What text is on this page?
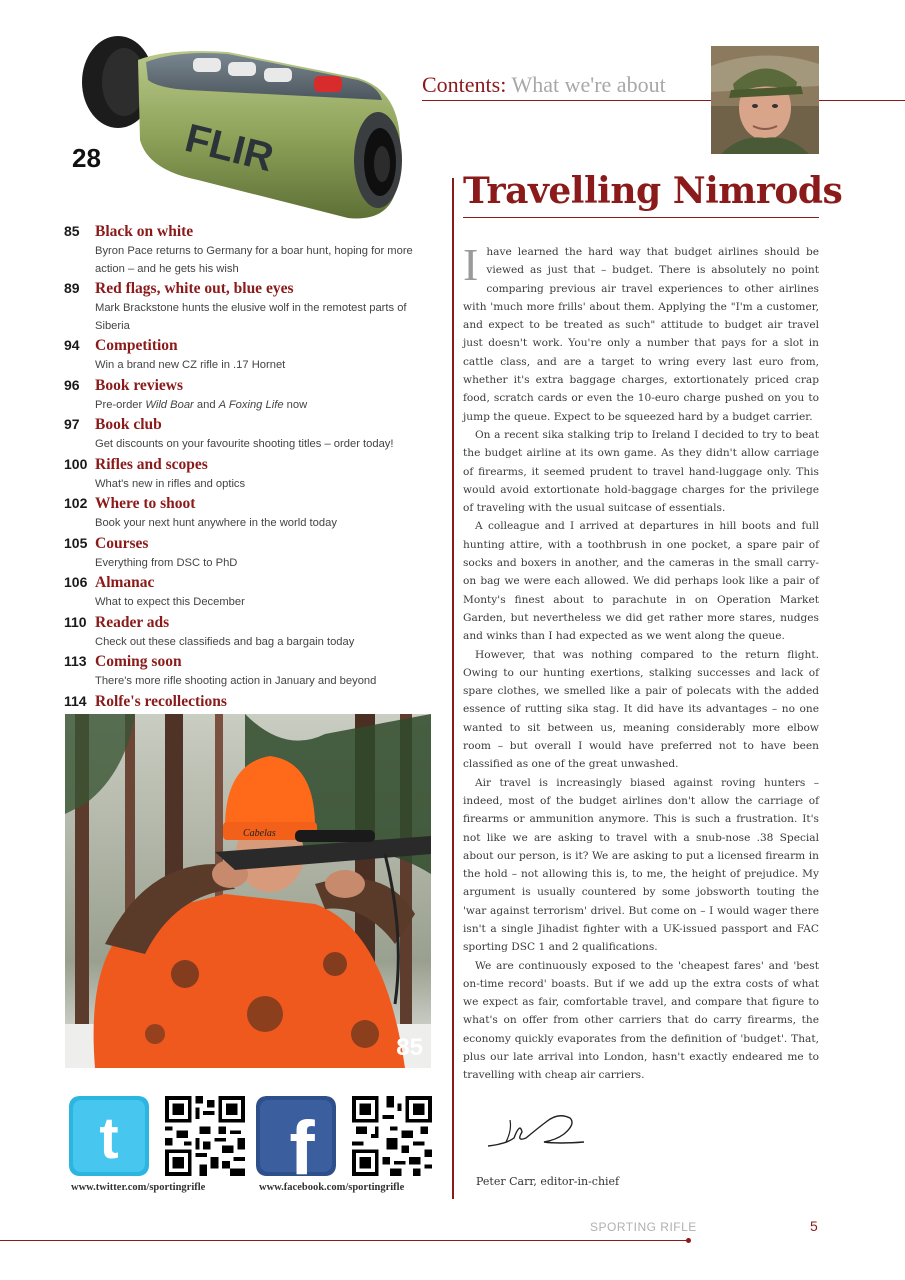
FLIR
28
Contents: What we're about
85 Black on white
Byron Pace returns to Germany for a boar hunt, hoping for more action – and he gets his wish
89 Red flags, white out, blue eyes
Mark Brackstone hunts the elusive wolf in the remotest parts of Siberia
94 Competition
Win a brand new CZ rifle in .17 Hornet
96 Book reviews
Pre-order Wild Boar and A Foxing Life now
97 Book club
Get discounts on your favourite shooting titles – order today!
100 Rifles and scopes
What's new in rifles and optics
102 Where to shoot
Book your next hunt anywhere in the world today
105 Courses
Everything from DSC to PhD
106 Almanac
What to expect this December
110 Reader ads
Check out these classifieds and bag a bargain today
113 Coming soon
There's more rifle shooting action in January and beyond
114 Rolfe's recollections
Cabelas
85
t f
www.twitter.com/sportingrifle	www.facebook.com/sportingrifle
Travelling Nimrods

Ihave learned the hard way that budget airlines should be viewed as just that – budget. There is absolutely no point comparing previous air travel experiences to other airlines with 'much more frills' about them. Applying the "I'm a customer, and expect to be treated as such" attitude to budget air travel just doesn't work. You're only a number that pays for a slot in cattle class, and are a target to wring every last euro from, whether it's extra baggage charges, extortionately priced crap food, scratch cards or even the 10-euro charge pushed on you to jump the queue. Expect to be squeezed hard by a budget carrier.

On a recent sika stalking trip to Ireland I decided to try to beat the budget airline at its own game. As they didn't allow carriage of firearms, it seemed prudent to travel hand-luggage only. This would avoid extortionate hold-baggage charges for the privilege of traveling with the usual suitcase of essentials.

A colleague and I arrived at departures in hill boots and full hunting attire, with a toothbrush in one pocket, a spare pair of socks and boxers in another, and the cameras in the small carry-on bag we were each allowed. We did perhaps look like a pair of Monty's finest about to parachute in on Operation Market Garden, but nevertheless we did get rather more stares, nudges and winks than I had expected as we went along the queue.

However, that was nothing compared to the return flight. Owing to our hunting exertions, stalking successes and lack of spare clothes, we smelled like a pair of polecats with the added essence of rutting sika stag. It did have its advantages – no one wanted to sit between us, meaning considerably more elbow room – but overall I would have preferred not to have been classified as one of the great unwashed.

Air travel is increasingly biased against roving hunters – indeed, most of the budget airlines don't allow the carriage of firearms or ammunition anymore. This is such a frustration. It's not like we are asking to travel with a snub-nose .38 Special about our person, is it? We are asking to put a licensed firearm in the hold – not allowing this is, to me, the height of prejudice. My argument is usually countered by some jobsworth touting the 'war against terrorism' drivel. But come on – I would wager there isn't a single Jihadist fighter with a UK-issued passport and FAC sporting DSC 1 and 2 qualifications.

We are continuously exposed to the 'cheapest fares' and 'best on-time record' boasts. But if we add up the extra costs of what we expect as fair, comfortable travel, and compare that figure to what's on offer from other carriers that do carry firearms, the economy quickly evaporates from the definition of 'budget'. That, plus our late arrival into London, hasn't exactly endeared me to travelling with cheap air carriers.

Peter Carr, editor-in-chief
SPORTING RIFLE	5
